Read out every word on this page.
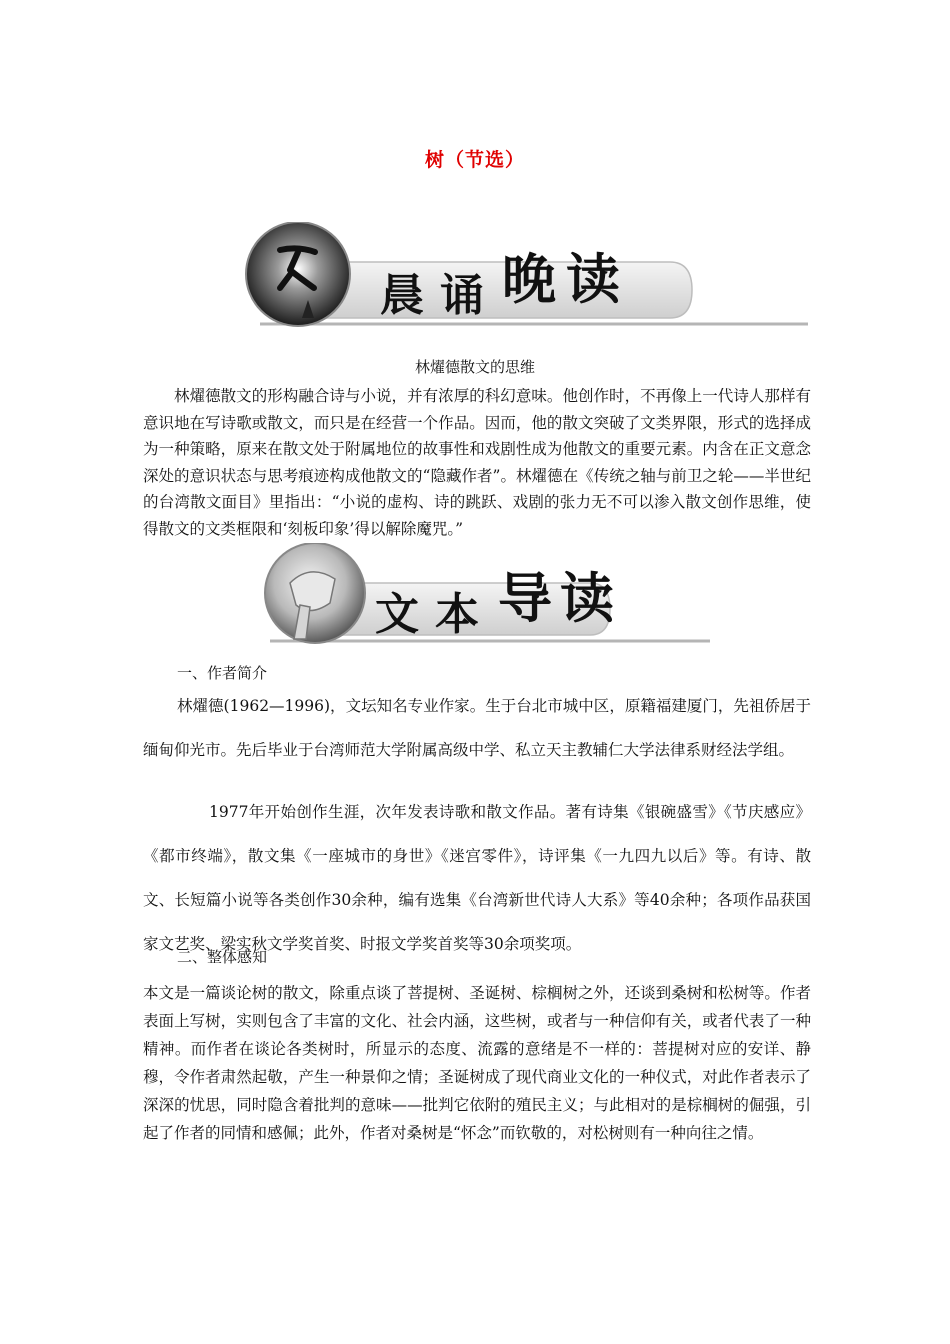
树（节选）
晨 诵 晚 读
林燿德散文的思维
林燿德散文的形构融合诗与小说，并有浓厚的科幻意味。他创作时，不再像上一代诗人那样有意识地在写诗歌或散文，而只是在经营一个作品。因而，他的散文突破了文类界限，形式的选择成为一种策略，原来在散文处于附属地位的故事性和戏剧性成为他散文的重要元素。内含在正文意念深处的意识状态与思考痕迹构成他散文的“隐藏作者”。林燿德在《传统之轴与前卫之轮——半世纪的台湾散文面目》里指出：“小说的虚构、诗的跳跃、戏剧的张力无不可以渗入散文创作思维，使得散文的文类框限和‘刻板印象’得以解除魔咒。”
文 本 导 读
一、作者简介
林燿德(1962—1996)，文坛知名专业作家。生于台北市城中区，原籍福建厦门，先祖侨居于缅甸仰光市。先后毕业于台湾师范大学附属高级中学、私立天主教辅仁大学法律系财经法学组。
1977年开始创作生涯，次年发表诗歌和散文作品。著有诗集《银碗盛雪》《节庆感应》《都市终端》，散文集《一座城市的身世》《迷宫零件》，诗评集《一九四九以后》等。有诗、散文、长短篇小说等各类创作30余种，编有选集《台湾新世代诗人大系》等40余种；各项作品获国家文艺奖、梁实秋文学奖首奖、时报文学奖首奖等30余项奖项。
二、整体感知
本文是一篇谈论树的散文，除重点谈了菩提树、圣诞树、棕榈树之外，还谈到桑树和松树等。作者表面上写树，实则包含了丰富的文化、社会内涵，这些树，或者与一种信仰有关，或者代表了一种精神。而作者在谈论各类树时，所显示的态度、流露的意绪是不一样的：菩提树对应的安详、静穆，令作者肃然起敬，产生一种景仰之情；圣诞树成了现代商业文化的一种仪式，对此作者表示了深深的忧思，同时隐含着批判的意味——批判它依附的殖民主义；与此相对的是棕榈树的倔强，引起了作者的同情和感佩；此外，作者对桑树是“怀念”而钦敬的，对松树则有一种向往之情。
